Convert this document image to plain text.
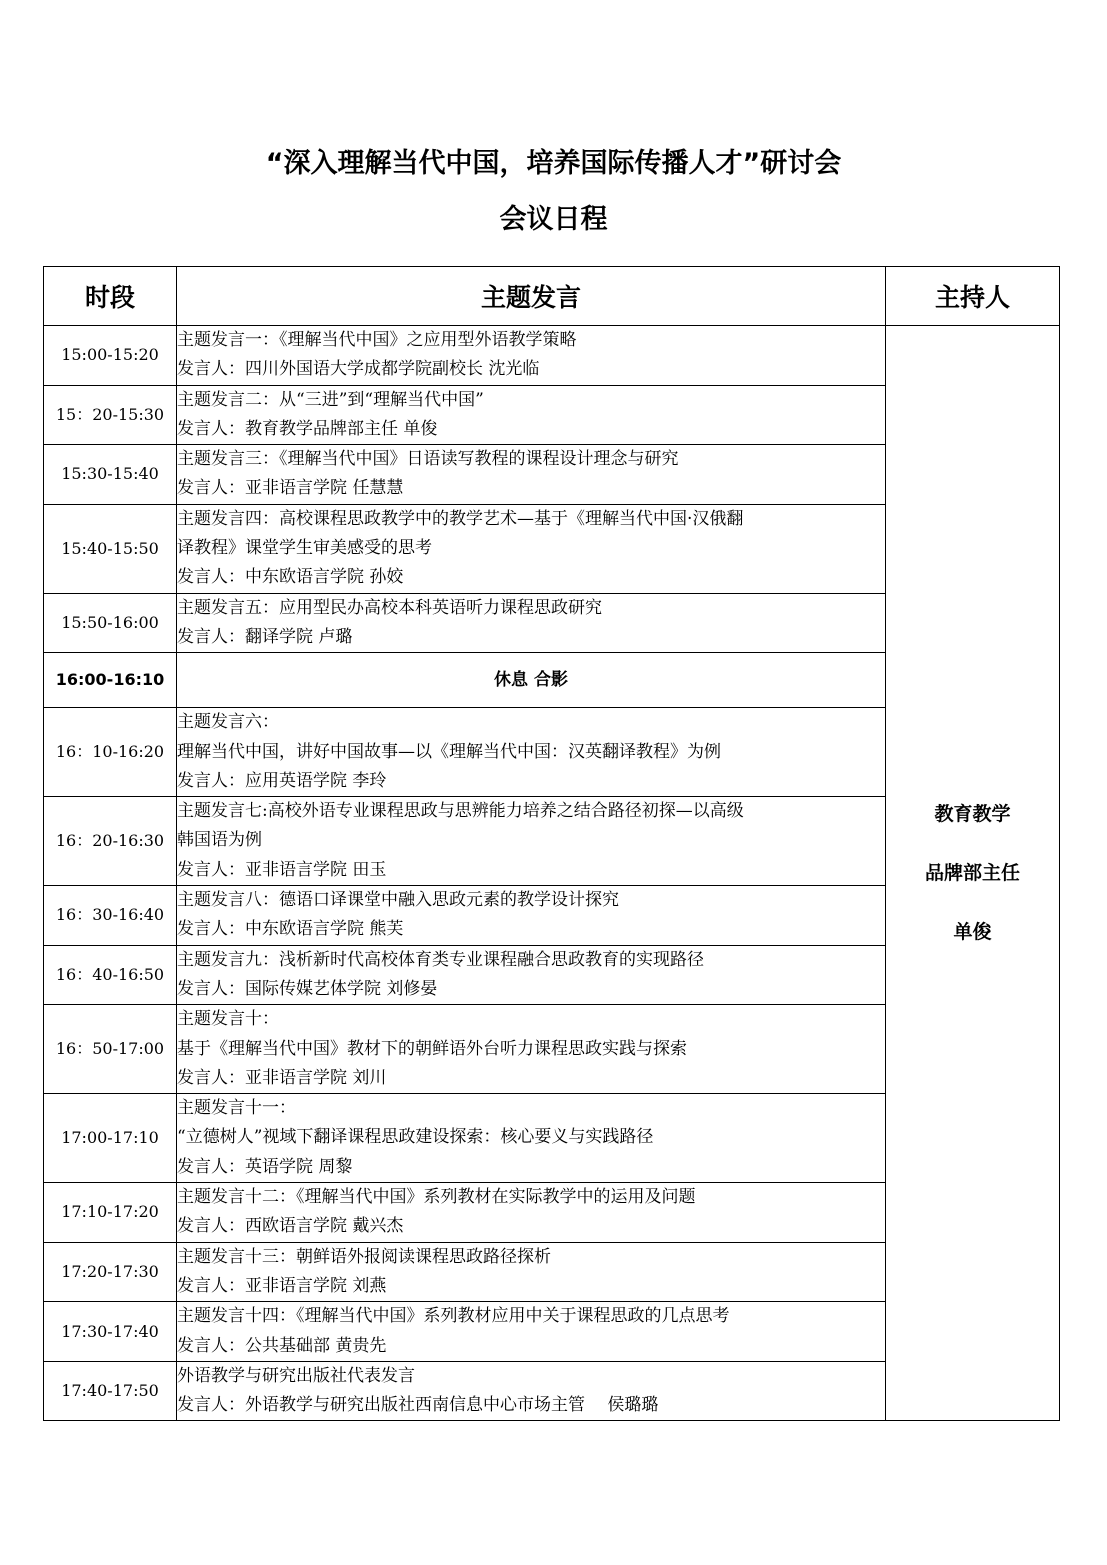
“深入理解当代中国，培养国际传播人才”研讨会
会议日程
时段	主题发言	主持人
15:00-15:20	主题发言一：《理解当代中国》之应用型外语教学策略
发言人：四川外国语大学成都学院副校长 沈光临	教育教学
品牌部主任
单俊

15：20-15:30	主题发言二：从“三进”到“理解当代中国”
发言人：教育教学品牌部主任 单俊	

15:30-15:40	主题发言三：《理解当代中国》日语读写教程的课程设计理念与研究
发言人：亚非语言学院 任慧慧	

15:40-15:50	主题发言四：高校课程思政教学中的教学艺术—基于《理解当代中国·汉俄翻
译教程》课堂学生审美感受的思考
发言人：中东欧语言学院 孙姣	

15:50-16:00	主题发言五：应用型民办高校本科英语听力课程思政研究
发言人：翻译学院 卢璐	

16:00-16:10	休息 合影	

16：10-16:20	主题发言六：
理解当代中国，讲好中国故事—以《理解当代中国：汉英翻译教程》为例
发言人：应用英语学院 李玲	

16：20-16:30	主题发言七:高校外语专业课程思政与思辨能力培养之结合路径初探—以高级
韩国语为例
发言人：亚非语言学院 田玉	

16：30-16:40	主题发言八：德语口译课堂中融入思政元素的教学设计探究
发言人：中东欧语言学院 熊芙	

16：40-16:50	主题发言九：浅析新时代高校体育类专业课程融合思政教育的实现路径
发言人：国际传媒艺体学院 刘修晏	

16：50-17:00	主题发言十：
基于《理解当代中国》教材下的朝鲜语外台听力课程思政实践与探索
发言人：亚非语言学院 刘川	

17:00-17:10	主题发言十一：
“立德树人”视域下翻译课程思政建设探索：核心要义与实践路径
发言人：英语学院 周黎	

17:10-17:20	主题发言十二：《理解当代中国》系列教材在实际教学中的运用及问题
发言人：西欧语言学院 戴兴杰	

17:20-17:30	主题发言十三：朝鲜语外报阅读课程思政路径探析
发言人：亚非语言学院 刘燕	

17:30-17:40	主题发言十四：《理解当代中国》系列教材应用中关于课程思政的几点思考
发言人：公共基础部 黄贵先	

17:40-17:50	外语教学与研究出版社代表发言
发言人：外语教学与研究出版社西南信息中心市场主管 　侯璐璐	
